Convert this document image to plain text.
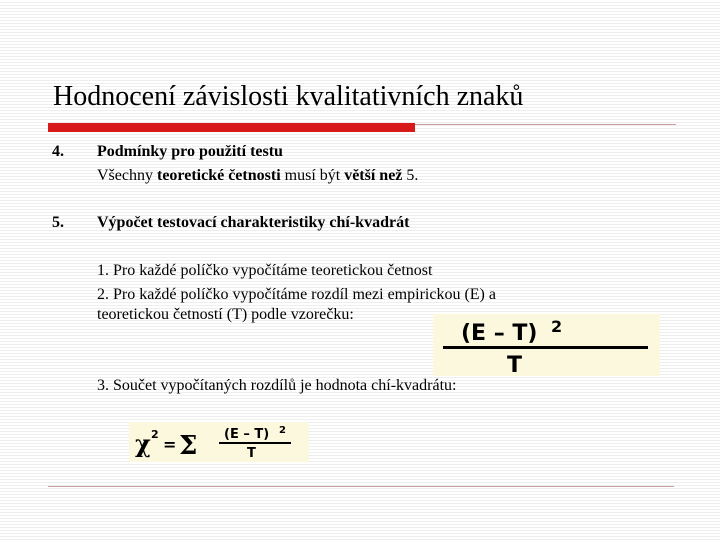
Hodnocení závislosti kvalitativních znaků
4. Podmínky pro použití testu
Všechny teoretické četnosti musí být větší než 5.
5. Výpočet testovací charakteristiky chí-kvadrát
1. Pro každé políčko vypočítáme teoretickou četnost
2. Pro každé políčko vypočítáme rozdíl mezi empirickou (E) a
teoretickou četností (T) podle vzorečku:
3. Součet vypočítaných rozdílů je hodnota chí-kvadrátu:
(E – T) 2
T
χ 2
= Σ (E – T) 2
T
